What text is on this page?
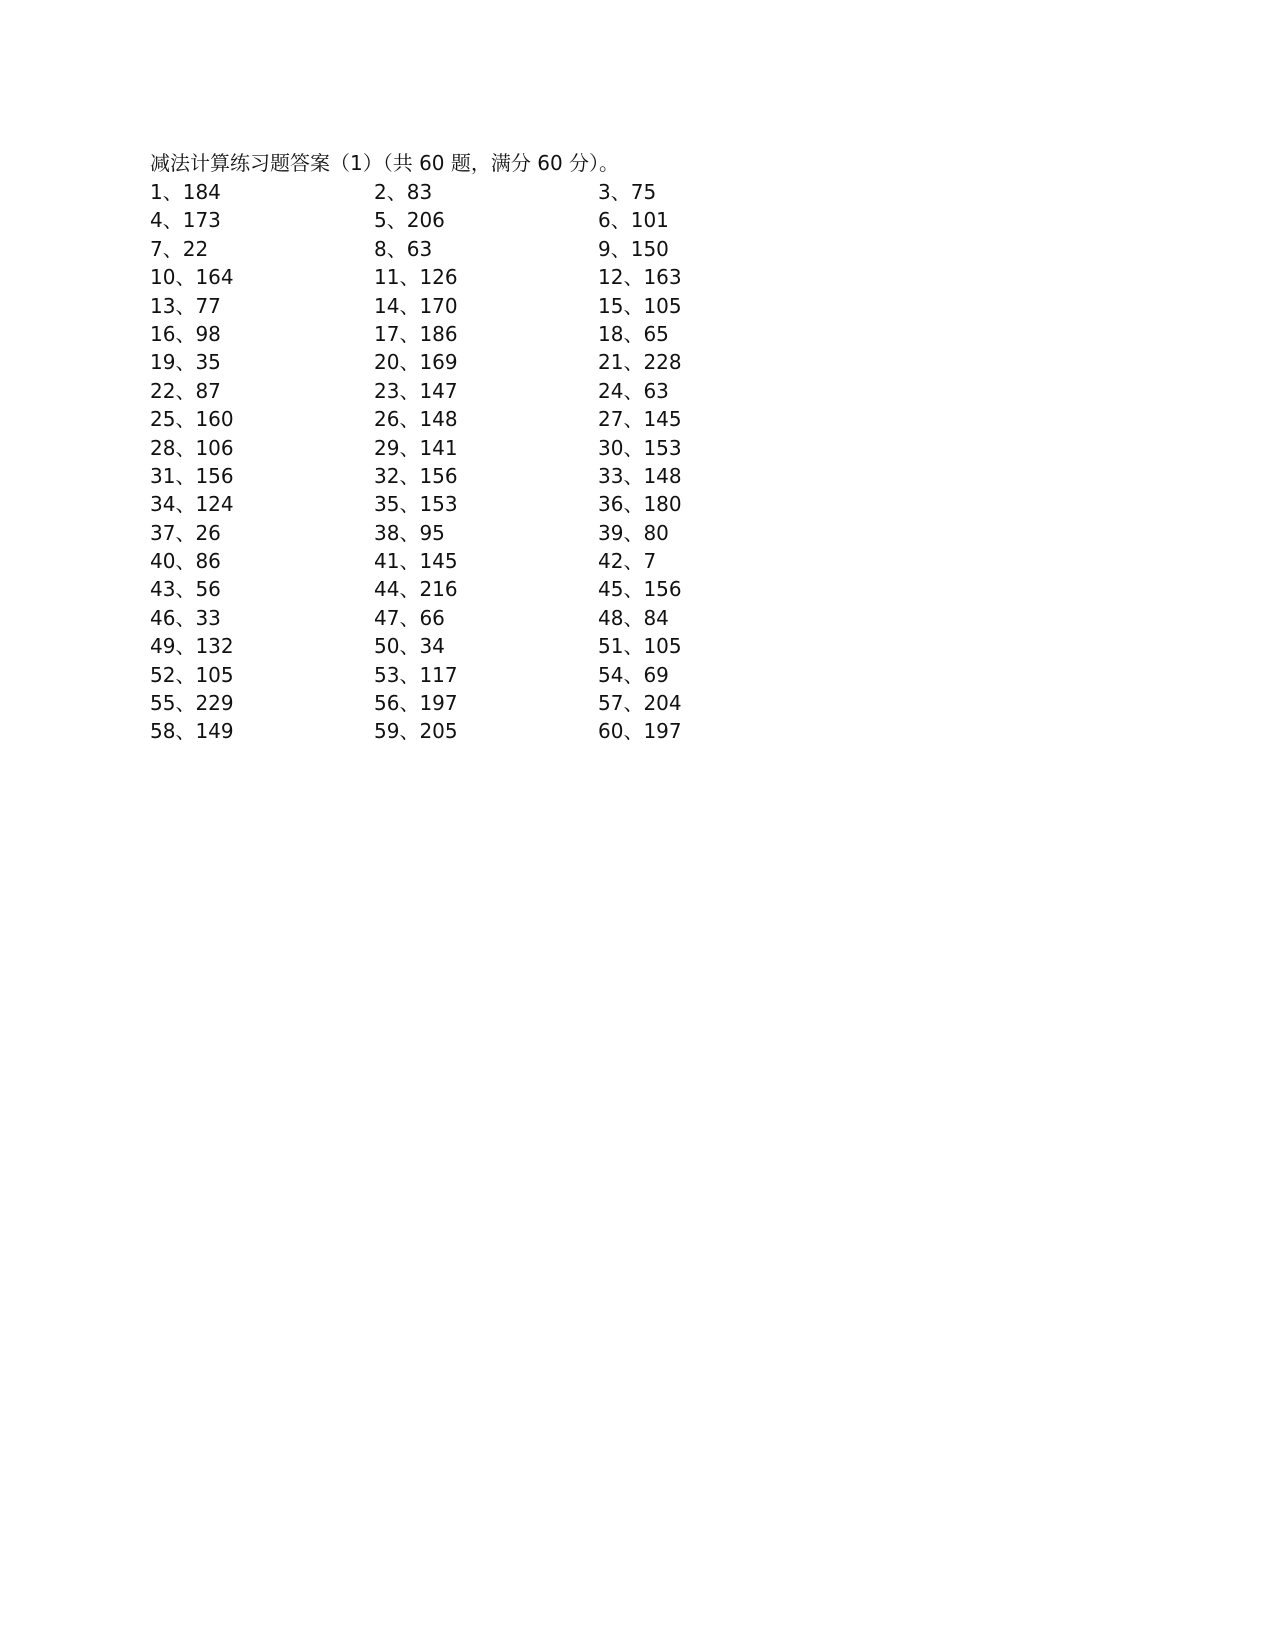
减法计算练习题答案（1）（共 60 题，满分 60 分）。
1、184	2、83	3、75
4、173	5、206	6、101
7、22	8、63	9、150
10、164	11、126	12、163
13、77	14、170	15、105
16、98	17、186	18、65
19、35	20、169	21、228
22、87	23、147	24、63
25、160	26、148	27、145
28、106	29、141	30、153
31、156	32、156	33、148
34、124	35、153	36、180
37、26	38、95	39、80
40、86	41、145	42、7
43、56	44、216	45、156
46、33	47、66	48、84
49、132	50、34	51、105
52、105	53、117	54、69
55、229	56、197	57、204
58、149	59、205	60、197
